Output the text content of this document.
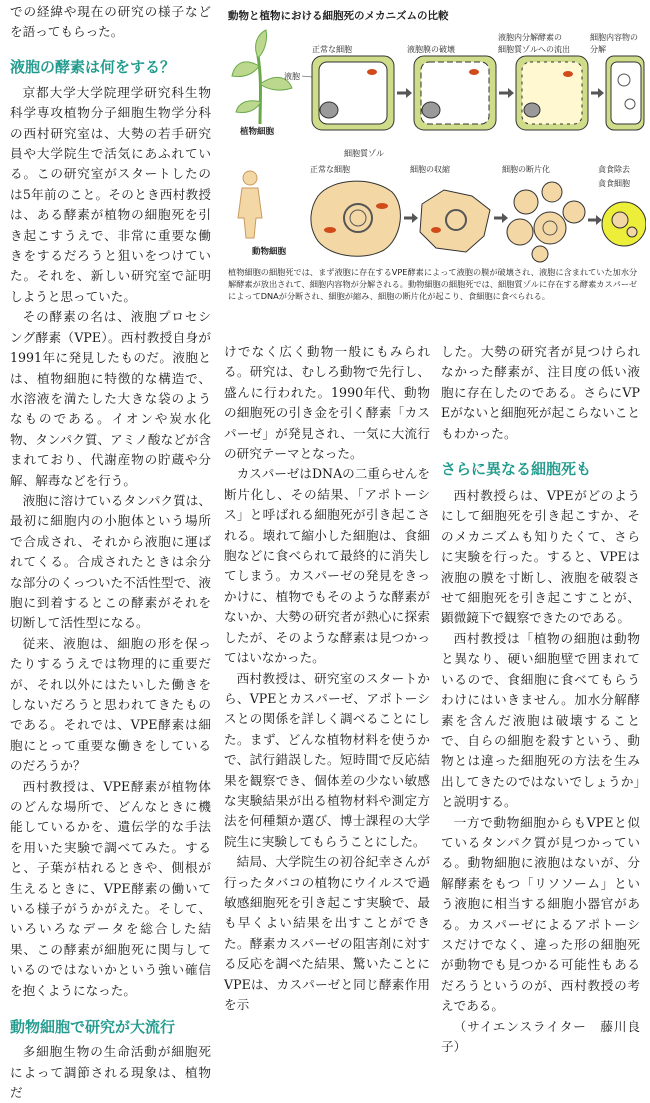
での経緯や現在の研究の様子などを語ってもらった。

液胞の酵素は何をする？

京都大学大学院理学研究科生物科学専攻植物分子細胞生物学分科の西村研究室は、大勢の若手研究員や大学院生で活気にあふれている。この研究室がスタートしたのは5年前のこと。そのとき西村教授は、ある酵素が植物の細胞死を引き起こすうえで、非常に重要な働きをするだろうと狙いをつけていた。それを、新しい研究室で証明しようと思っていた。

その酵素の名は、液胞プロセシング酵素（VPE）。西村教授自身が1991年に発見したものだ。液胞とは、植物細胞に特徴的な構造で、水溶液を満たした大きな袋のようなものである。イオンや炭水化物、タンパク質、アミノ酸などが含まれており、代謝産物の貯蔵や分解、解毒などを行う。

液胞に溶けているタンパク質は、最初に細胞内の小胞体という場所で合成され、それから液胞に運ばれてくる。合成されたときは余分な部分のくっついた不活性型で、液胞に到着するとこの酵素がそれを切断して活性型になる。

従来、液胞は、細胞の形を保ったりするうえでは物理的に重要だが、それ以外にはたいした働きをしないだろうと思われてきたものである。それでは、VPE酵素は細胞にとって重要な働きをしているのだろうか？

西村教授は、VPE酵素が植物体のどんな場所で、どんなときに機能しているかを、遺伝学的な手法を用いた実験で調べてみた。すると、子葉が枯れるときや、側根が生えるときに、VPE酵素の働いている様子がうかがえた。そして、いろいろなデータを総合した結果、この酵素が細胞死に関与しているのではないかという強い確信を抱くようになった。

動物細胞で研究が大流行

多細胞生物の生命活動が細胞死によって調節される現象は、植物だ

動物と植物における細胞死のメカニズムの比較
植物細胞
液胞
正常な細胞	液胞膜の破壊
液胞内分解酵素の
細胞質ゾルへの流出
細胞内容物の
分解
動物細胞
細胞質ゾル
正常な細胞	細胞の収縮	細胞の断片化	貪食除去
貪食細胞
植物細胞の細胞死では、まず液胞に存在するVPE酵素によって液胞の膜が破壊され、液胞に含まれていた加水分解酵素が放出されて、細胞内容物が分解される。動物細胞の細胞死では、細胞質ゾルに存在する酵素カスパーゼによってDNAが分断され、細胞が縮み、細胞の断片化が起こり、食細胞に食べられる。

けでなく広く動物一般にもみられる。研究は、むしろ動物で先行し、盛んに行われた。1990年代、動物の細胞死の引き金を引く酵素「カスパーゼ」が発見され、一気に大流行の研究テーマとなった。

カスパーゼはDNAの二重らせんを断片化し、その結果、「アポトーシス」と呼ばれる細胞死が引き起こされる。壊れて縮小した細胞は、食細胞などに食べられて最終的に消失してしまう。カスパーゼの発見をきっかけに、植物でもそのような酵素がないか、大勢の研究者が熱心に探索したが、そのような酵素は見つかってはいなかった。

西村教授は、研究室のスタートから、VPEとカスパーゼ、アポトーシスとの関係を詳しく調べることにした。まず、どんな植物材料を使うかで、試行錯誤した。短時間で反応結果を観察でき、個体差の少ない敏感な実験結果が出る植物材料や測定方法を何種類か選び、博士課程の大学院生に実験してもらうことにした。

結局、大学院生の初谷紀幸さんが行ったタバコの植物にウイルスで過敏感細胞死を引き起こす実験で、最も早くよい結果を出すことができた。酵素カスパーゼの阻害剤に対する反応を調べた結果、驚いたことにVPEは、カスパーゼと同じ酵素作用を示

した。大勢の研究者が見つけられなかった酵素が、注目度の低い液胞に存在したのである。さらにVPEがないと細胞死が起こらないこともわかった。

さらに異なる細胞死も

西村教授らは、VPEがどのようにして細胞死を引き起こすか、そのメカニズムも知りたくて、さらに実験を行った。すると、VPEは液胞の膜を寸断し、液胞を破裂させて細胞死を引き起こすことが、顕微鏡下で観察できたのである。

西村教授は「植物の細胞は動物と異なり、硬い細胞壁で囲まれているので、食細胞に食べてもらうわけにはいきません。加水分解酵素を含んだ液胞は破壊することで、自らの細胞を殺すという、動物とは違った細胞死の方法を生み出してきたのではないでしょうか」と説明する。

一方で動物細胞からもVPEと似ているタンパク質が見つかっている。動物細胞に液胞はないが、分解酵素をもつ「リソソーム」という液胞に相当する細胞小器官がある。カスパーゼによるアポトーシスだけでなく、違った形の細胞死が動物でも見つかる可能性もあるだろうというのが、西村教授の考えである。

（サイエンスライター　藤川良子）
